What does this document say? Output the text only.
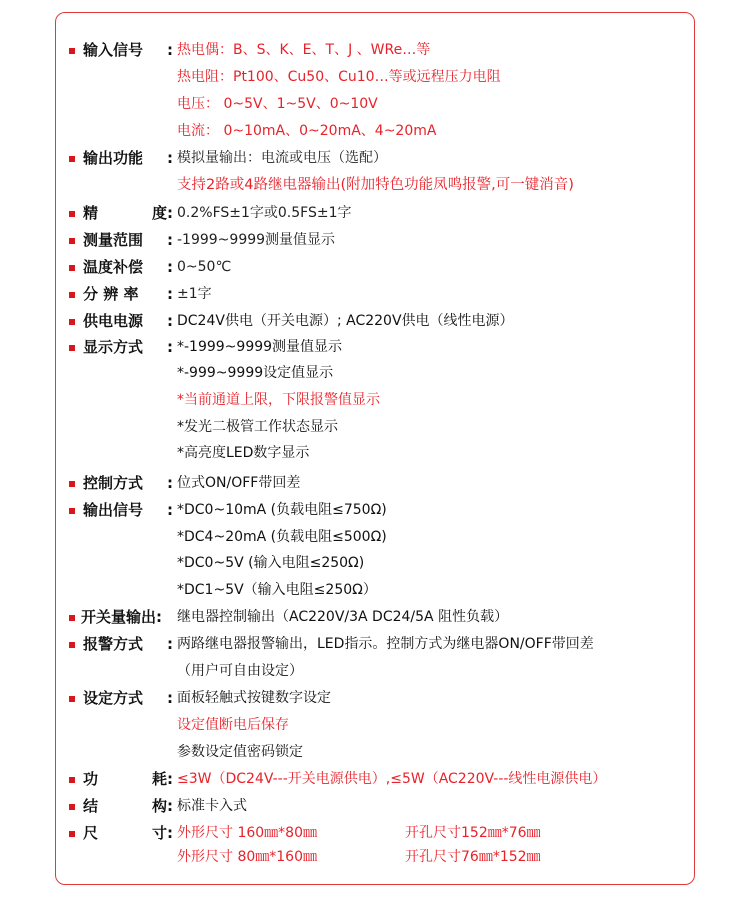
输入信号 : 热电偶：B、S、K、E、T、J 、WRe…等
热电阻：Pt100、Cu50、Cu10…等或远程压力电阻
电压： 0~5V、1~5V、0~10V
电流： 0~10mA、0~20mA、4~20mA
输出功能 : 模拟量输出：电流或电压（选配）
支持2路或4路继电器输出(附加特色功能凤鸣报警,可一键消音)
精	度: 0.2%FS±1字或0.5FS±1字
测量范围 : -1999~9999测量值显示
温度补偿 : 0~50℃
分 辨 率 : ±1字
供电电源 : DC24V供电（开关电源）; AC220V供电（线性电源）
显示方式 : *-1999~9999测量值显示
*-999~9999设定值显示
*当前通道上限，下限报警值显示
*发光二极管工作状态显示
*高亮度LED数字显示
控制方式 : 位式ON/OFF带回差
输出信号 : *DC0~10mA (负载电阻≤750Ω)
*DC4~20mA (负载电阻≤500Ω)
*DC0~5V (输入电阻≤250Ω)
*DC1~5V（输入电阻≤250Ω）
开关量输出: 继电器控制输出（AC220V/3A DC24/5A 阻性负载）
报警方式 : 两路继电器报警输出，LED指示。控制方式为继电器ON/OFF带回差
（用户可自由设定）
设定方式 : 面板轻触式按键数字设定
设定值断电后保存
参数设定值密码锁定
功	耗: ≤3W（DC24V---开关电源供电）,≤5W（AC220V---线性电源供电）
结	构: 标准卡入式
尺	寸: 外形尺寸 160㎜*80㎜	开孔尺寸152㎜*76㎜
外形尺寸 80㎜*160㎜	开孔尺寸76㎜*152㎜
